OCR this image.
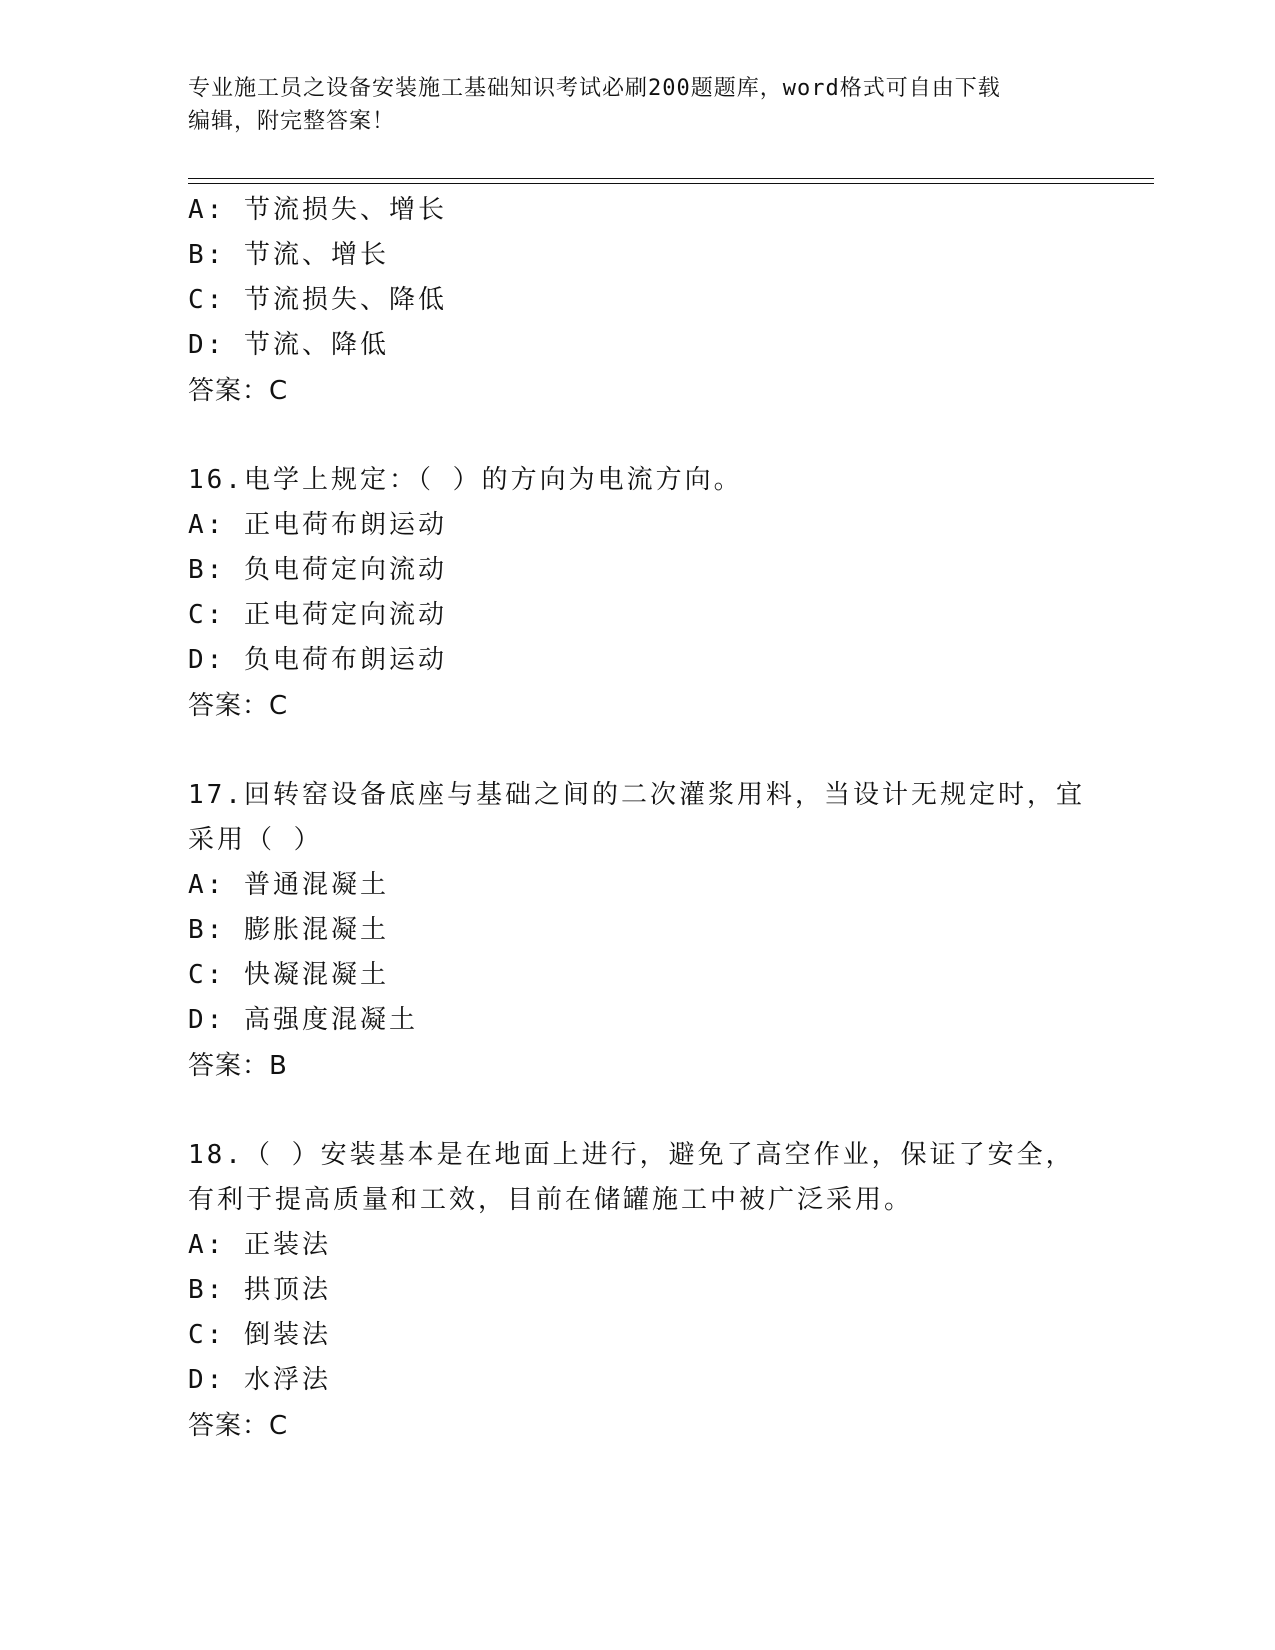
专业施工员之设备安装施工基础知识考试必刷200题题库，word格式可自由下载
编辑，附完整答案！
A: 节流损失、增长
B: 节流、增长
C: 节流损失、降低
D: 节流、降低
答案：C
16.电学上规定：（ ）的方向为电流方向。
A: 正电荷布朗运动
B: 负电荷定向流动
C: 正电荷定向流动
D: 负电荷布朗运动
答案：C
17.回转窑设备底座与基础之间的二次灌浆用料，当设计无规定时，宜
采用（ ）
A: 普通混凝土
B: 膨胀混凝土
C: 快凝混凝土
D: 高强度混凝土
答案：B
18.（ ）安装基本是在地面上进行，避免了高空作业，保证了安全，
有利于提高质量和工效，目前在储罐施工中被广泛采用。
A: 正装法
B: 拱顶法
C: 倒装法
D: 水浮法
答案：C
